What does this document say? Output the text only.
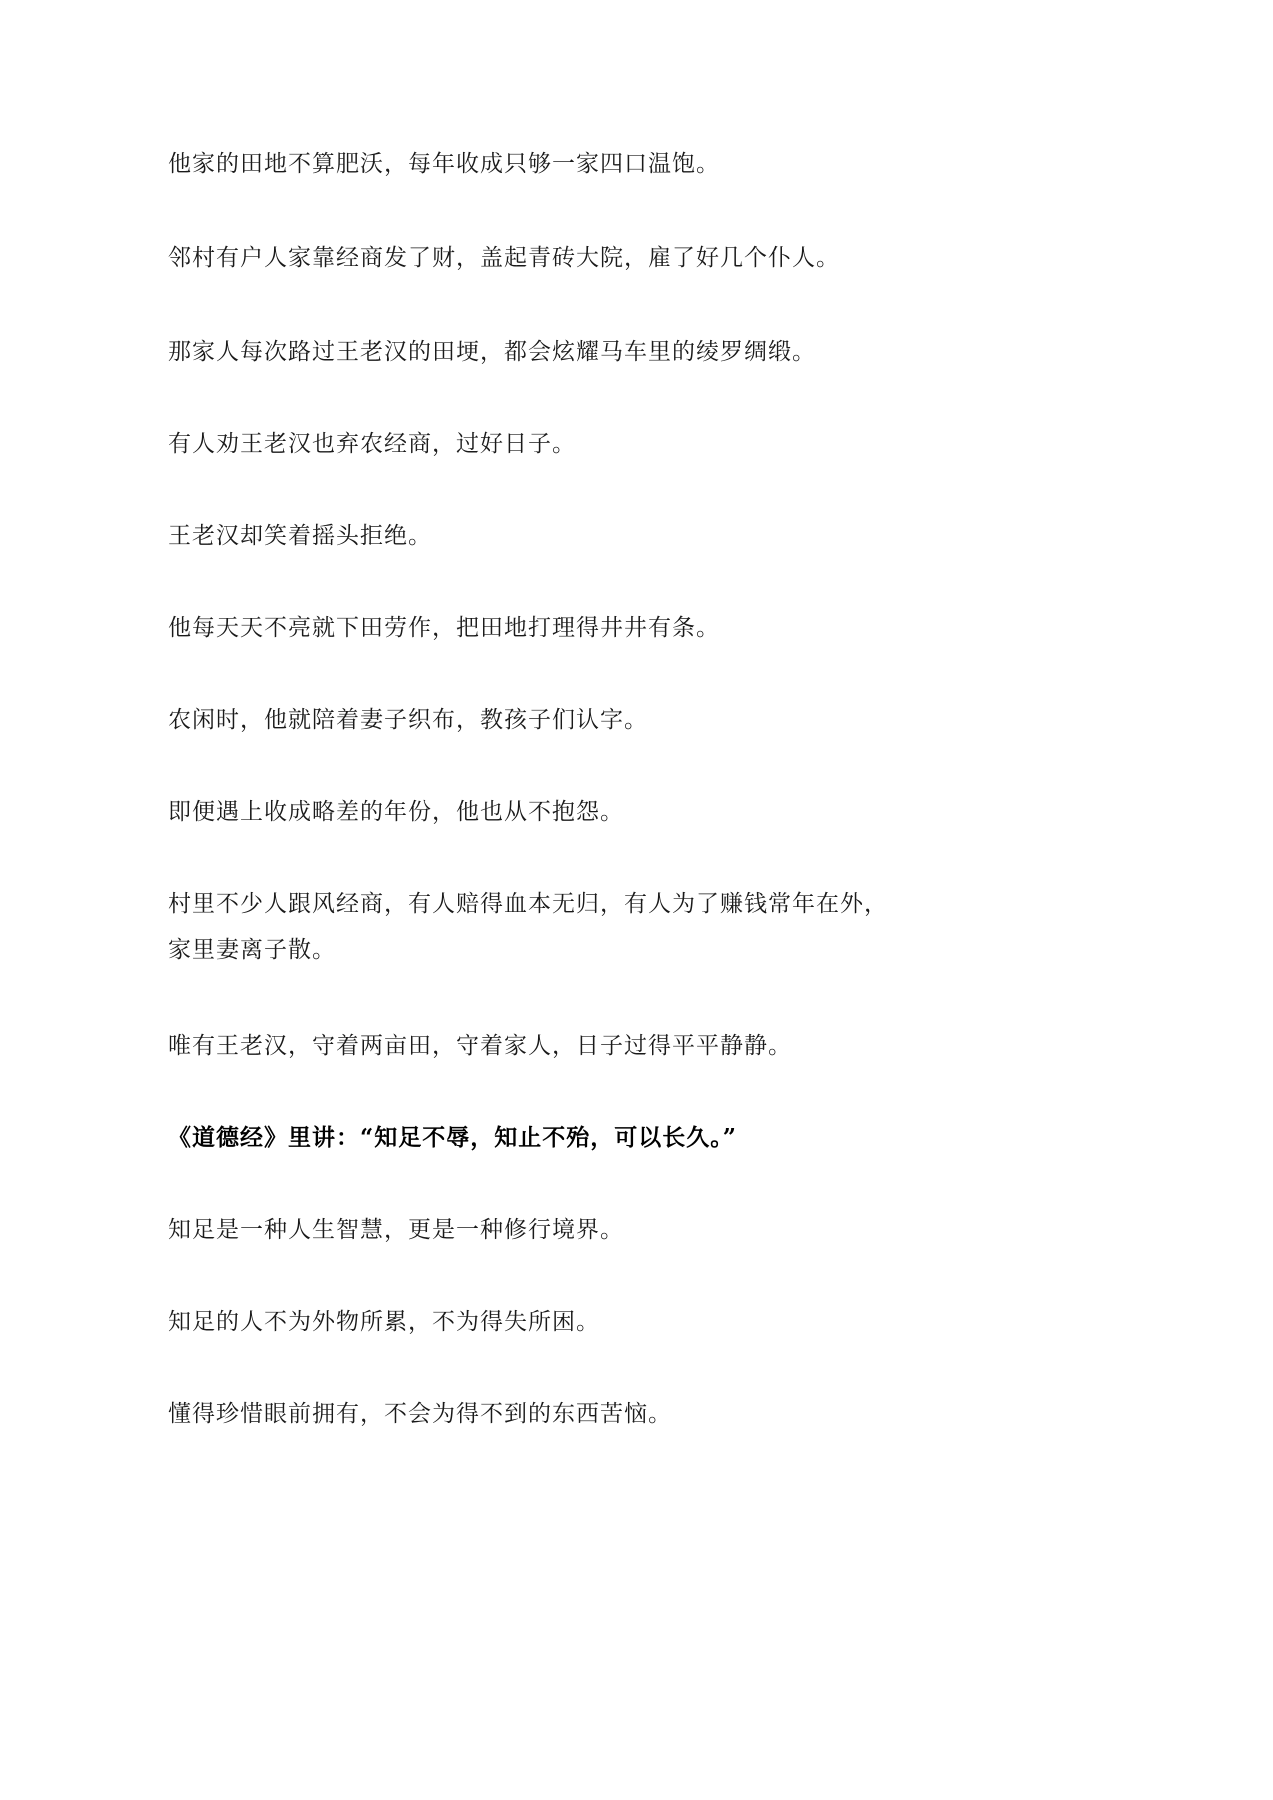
他家的田地不算肥沃，每年收成只够一家四口温饱。

邻村有户人家靠经商发了财，盖起青砖大院，雇了好几个仆人。

那家人每次路过王老汉的田埂，都会炫耀马车里的绫罗绸缎。

有人劝王老汉也弃农经商，过好日子。

王老汉却笑着摇头拒绝。

他每天天不亮就下田劳作，把田地打理得井井有条。

农闲时，他就陪着妻子织布，教孩子们认字。

即便遇上收成略差的年份，他也从不抱怨。

村里不少人跟风经商，有人赔得血本无归，有人为了赚钱常年在外，
家里妻离子散。

唯有王老汉，守着两亩田，守着家人，日子过得平平静静。

《道德经》里讲：“知足不辱，知止不殆，可以长久。”

知足是一种人生智慧，更是一种修行境界。

知足的人不为外物所累，不为得失所困。

懂得珍惜眼前拥有，不会为得不到的东西苦恼。
